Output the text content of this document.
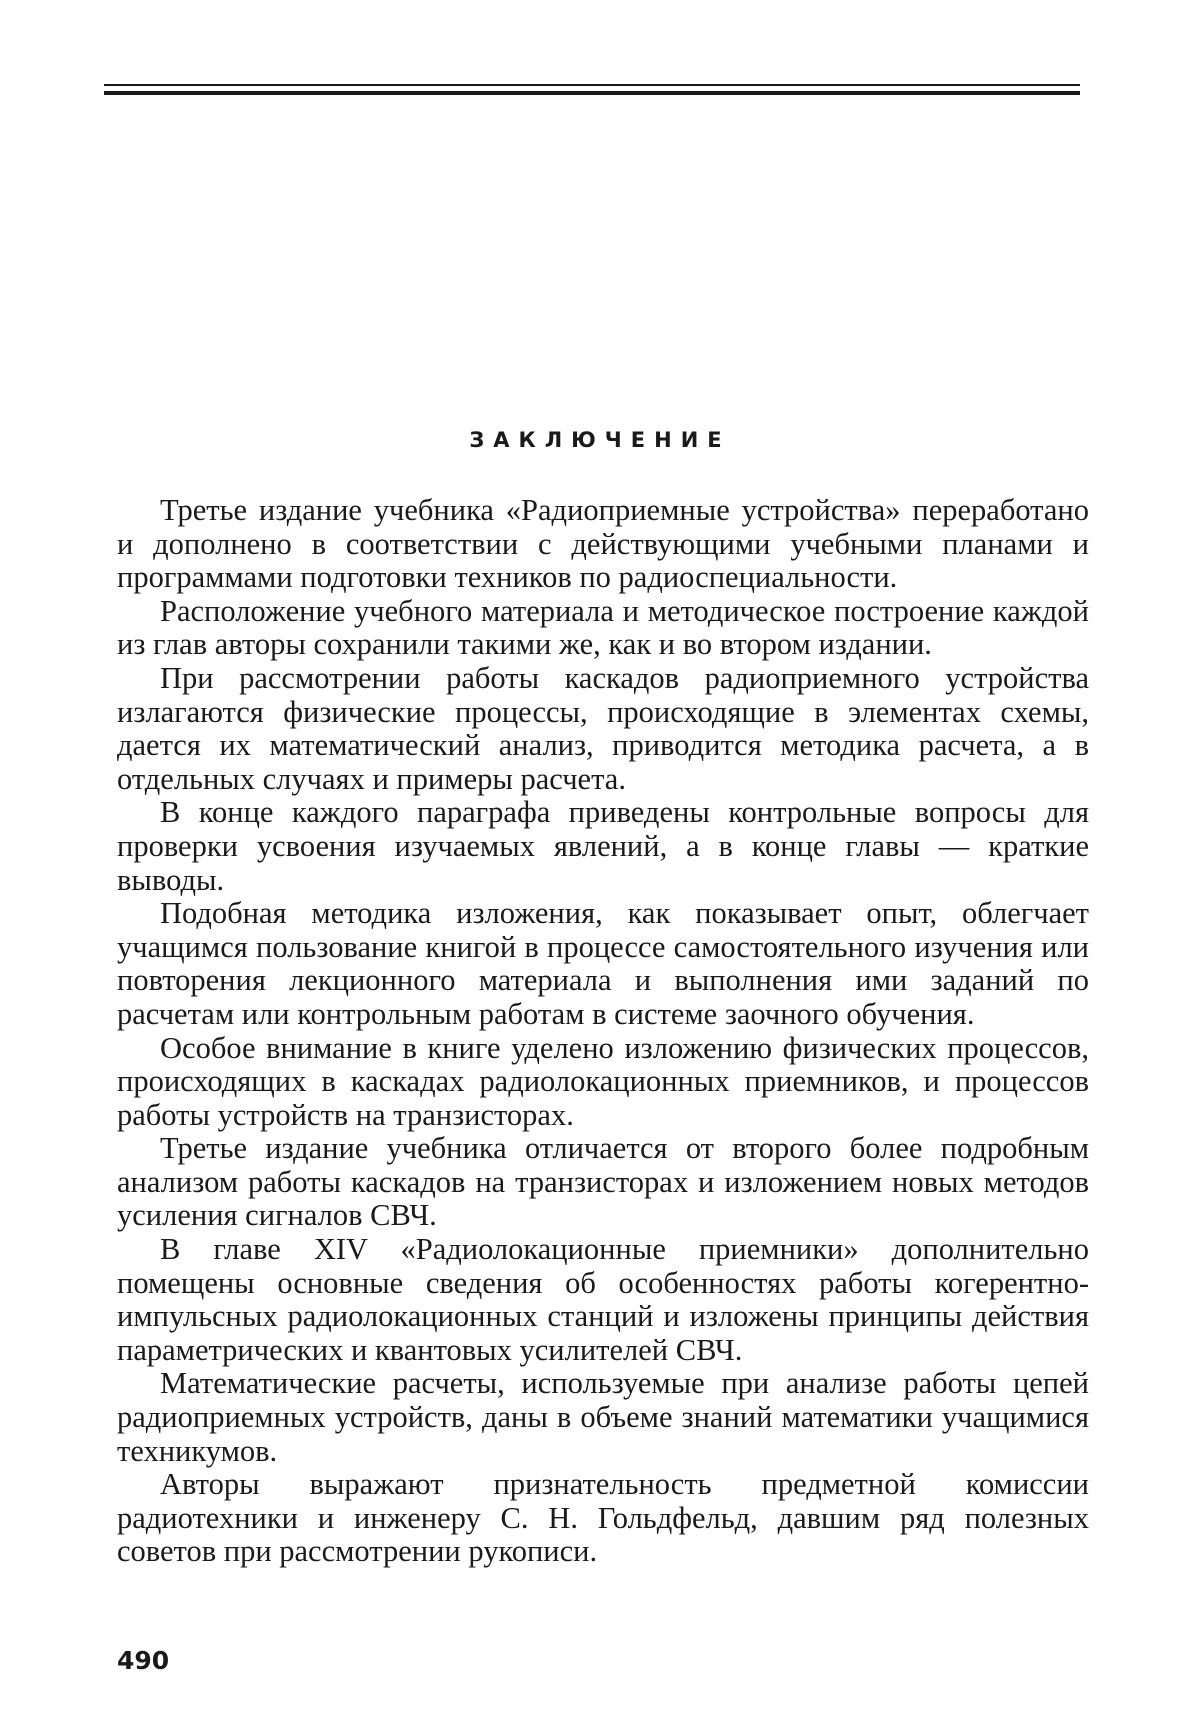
ЗАКЛЮЧЕНИЕ

Третье издание учебника «Радиоприемные устройства» переработано и дополнено в соответствии с действующими учебными планами и программами подготовки техников по радиоспециальности.

Расположение учебного материала и методическое построение каждой из глав авторы сохранили такими же, как и во втором издании.

При рассмотрении работы каскадов радиоприемного устройства излагаются физические процессы, происходящие в элементах схемы, дается их математический анализ, приводится методика расчета, а в отдельных случаях и примеры расчета.

В конце каждого параграфа приведены контрольные вопросы для проверки усвоения изучаемых явлений, а в конце главы — краткие выводы.

Подобная методика изложения, как показывает опыт, облегчает учащимся пользование книгой в процессе самостоятельного изучения или повторения лекционного материала и выполнения ими заданий по расчетам или контрольным работам в системе заочного обучения.

Особое внимание в книге уделено изложению физических процессов, происходящих в каскадах радиолокационных приемников, и процессов работы устройств на транзисторах.

Третье издание учебника отличается от второго более подробным анализом работы каскадов на транзисторах и изложением новых методов усиления сигналов СВЧ.

В главе XIV «Радиолокационные приемники» дополнительно помещены основные сведения об особенностях работы когерентно-импульсных радиолокационных станций и изложены принципы действия параметрических и квантовых усилителей СВЧ.

Математические расчеты, используемые при анализе работы цепей радиоприемных устройств, даны в объеме знаний математики учащимися техникумов.

Авторы выражают признательность предметной комиссии радиотехники и инженеру С. Н. Гольдфельд, давшим ряд полезных советов при рассмотрении рукописи.

490
